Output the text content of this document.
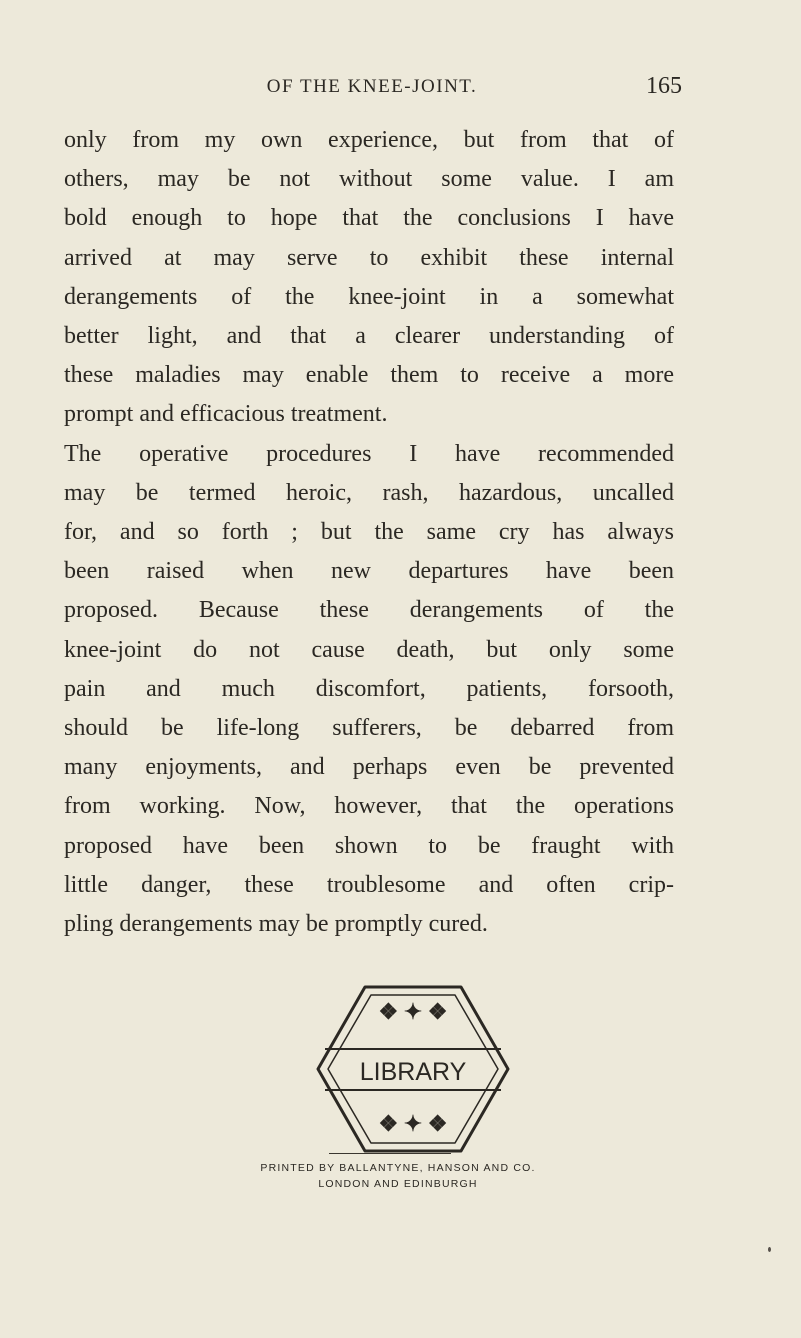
OF THE KNEE-JOINT.	165
only from my own experience, but from that of
others, may be not without some value. I am
bold enough to hope that the conclusions I have
arrived at may serve to exhibit these internal
derangements of the knee-joint in a somewhat
better light, and that a clearer understanding of
these maladies may enable them to receive a more
prompt and efficacious treatment.
The operative procedures I have recommended
may be termed heroic, rash, hazardous, uncalled
for, and so forth ; but the same cry has always
been raised when new departures have been
proposed. Because these derangements of the
knee-joint do not cause death, but only some
pain and much discomfort, patients, forsooth,
should be life-long sufferers, be debarred from
many enjoyments, and perhaps even be prevented
from working. Now, however, that the operations
proposed have been shown to be fraught with
little danger, these troublesome and often crip-
pling derangements may be promptly cured.
LIBRARY
❖ ✦ ❖
❖ ✦ ❖
PRINTED BY BALLANTYNE, HANSON AND CO.
LONDON AND EDINBURGH
